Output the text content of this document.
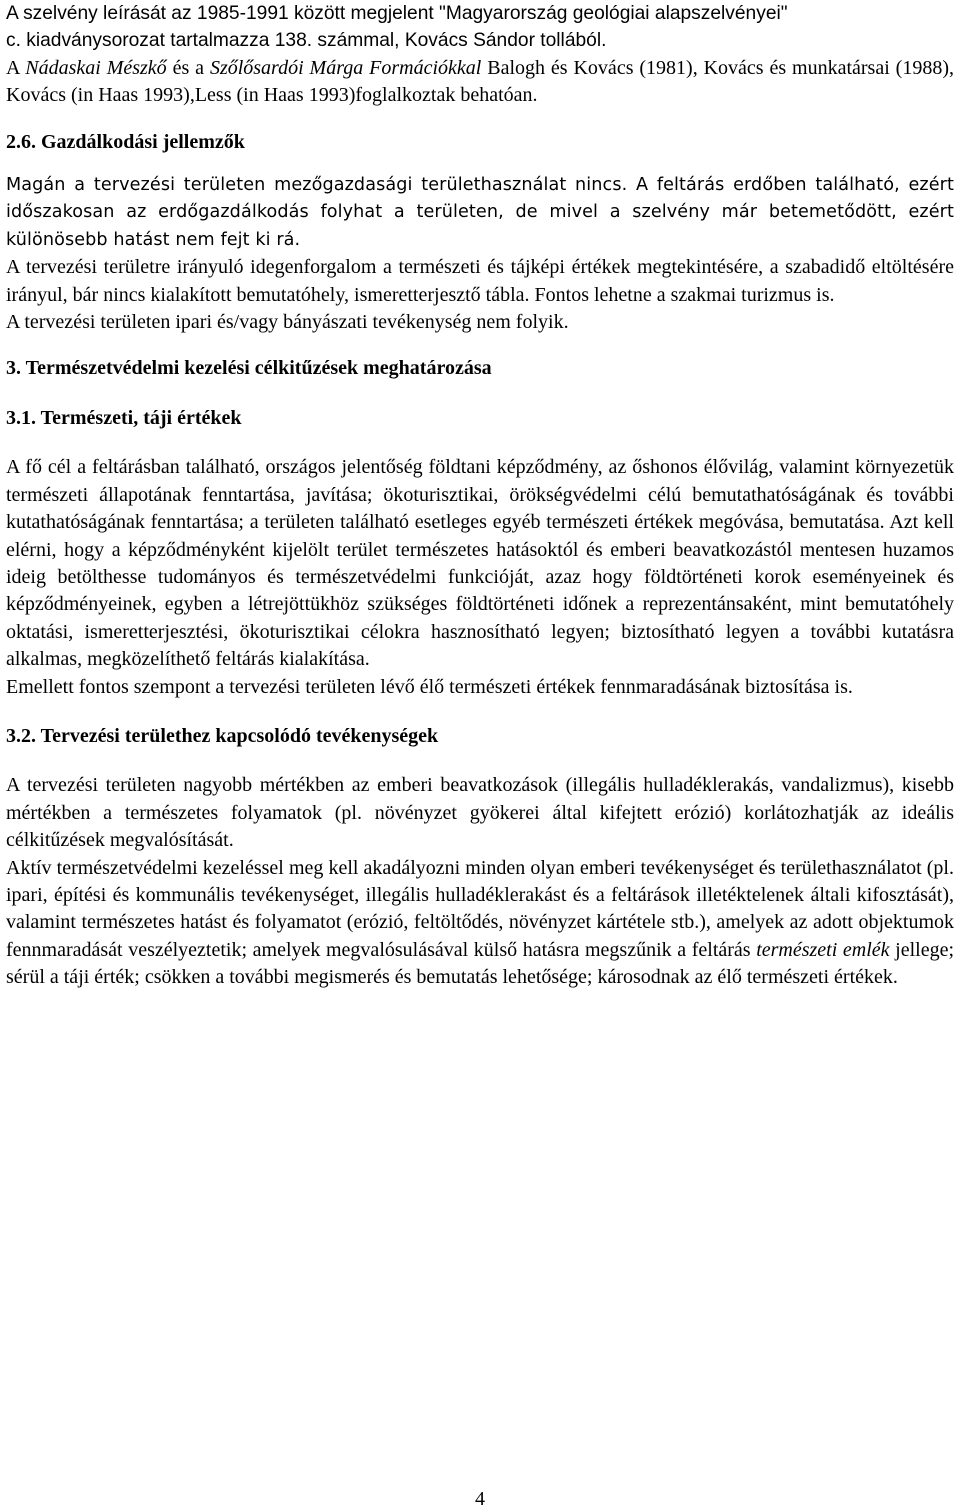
A szelvény leírását az 1985-1991 között megjelent "Magyarország geológiai alapszelvényei"

c. kiadványsorozat tartalmazza 138. számmal, Kovács Sándor tollából.

A Nádaskai Mészkő és a Szőlősardói Márga Formációkkal Balogh és Kovács (1981), Kovács és munkatársai (1988), Kovács (in Haas 1993),Less (in Haas 1993)foglalkoztak behatóan.

2.6. Gazdálkodási jellemzők

Magán a tervezési területen mezőgazdasági területhasználat nincs. A feltárás erdőben található, ezért időszakosan az erdőgazdálkodás folyhat a területen, de mivel a szelvény már betemetődött, ezért különösebb hatást nem fejt ki rá.

A tervezési területre irányuló idegenforgalom a természeti és tájképi értékek megtekintésére, a szabadidő eltöltésére irányul, bár nincs kialakított bemutatóhely, ismeretterjesztő tábla. Fontos lehetne a szakmai turizmus is.

A tervezési területen ipari és/vagy bányászati tevékenység nem folyik.

3. Természetvédelmi kezelési célkitűzések meghatározása

3.1. Természeti, táji értékek

A fő cél a feltárásban található, országos jelentőség földtani képződmény, az őshonos élővilág, valamint környezetük természeti állapotának fenntartása, javítása; ökoturisztikai, örökségvédelmi célú bemutathatóságának és további kutathatóságának fenntartása; a területen található esetleges egyéb természeti értékek megóvása, bemutatása. Azt kell elérni, hogy a képződményként kijelölt terület természetes hatásoktól és emberi beavatkozástól mentesen huzamos ideig betölthesse tudományos és természetvédelmi funkcióját, azaz hogy földtörténeti korok eseményeinek és képződményeinek, egyben a létrejöttükhöz szükséges földtörténeti időnek a reprezentánsaként, mint bemutatóhely oktatási, ismeretterjesztési, ökoturisztikai célokra hasznosítható legyen; biztosítható legyen a további kutatásra alkalmas, megközelíthető feltárás kialakítása.

Emellett fontos szempont a tervezési területen lévő élő természeti értékek fennmaradásának biztosítása is.

3.2. Tervezési területhez kapcsolódó tevékenységek

A tervezési területen nagyobb mértékben az emberi beavatkozások (illegális hulladéklerakás, vandalizmus), kisebb mértékben a természetes folyamatok (pl. növényzet gyökerei által kifejtett erózió) korlátozhatják az ideális célkitűzések megvalósítását.

Aktív természetvédelmi kezeléssel meg kell akadályozni minden olyan emberi tevékenységet és területhasználatot (pl. ipari, építési és kommunális tevékenységet, illegális hulladéklerakást és a feltárások illetéktelenek általi kifosztását), valamint természetes hatást és folyamatot (erózió, feltöltődés, növényzet kártétele stb.), amelyek az adott objektumok fennmaradását veszélyeztetik; amelyek megvalósulásával külső hatásra megszűnik a feltárás természeti emlék jellege; sérül a táji érték; csökken a további megismerés és bemutatás lehetősége; károsodnak az élő természeti értékek.

4
